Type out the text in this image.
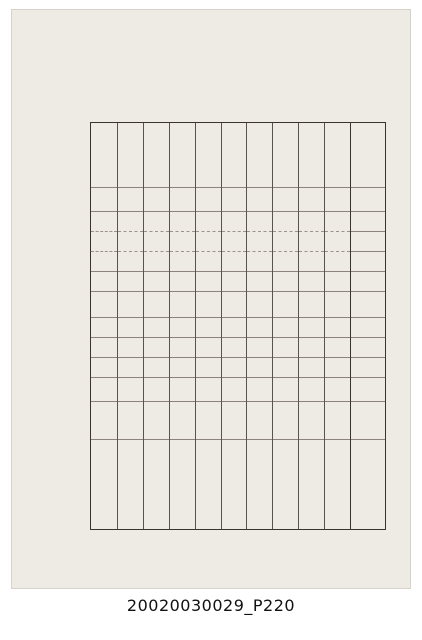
20020030029_P220
